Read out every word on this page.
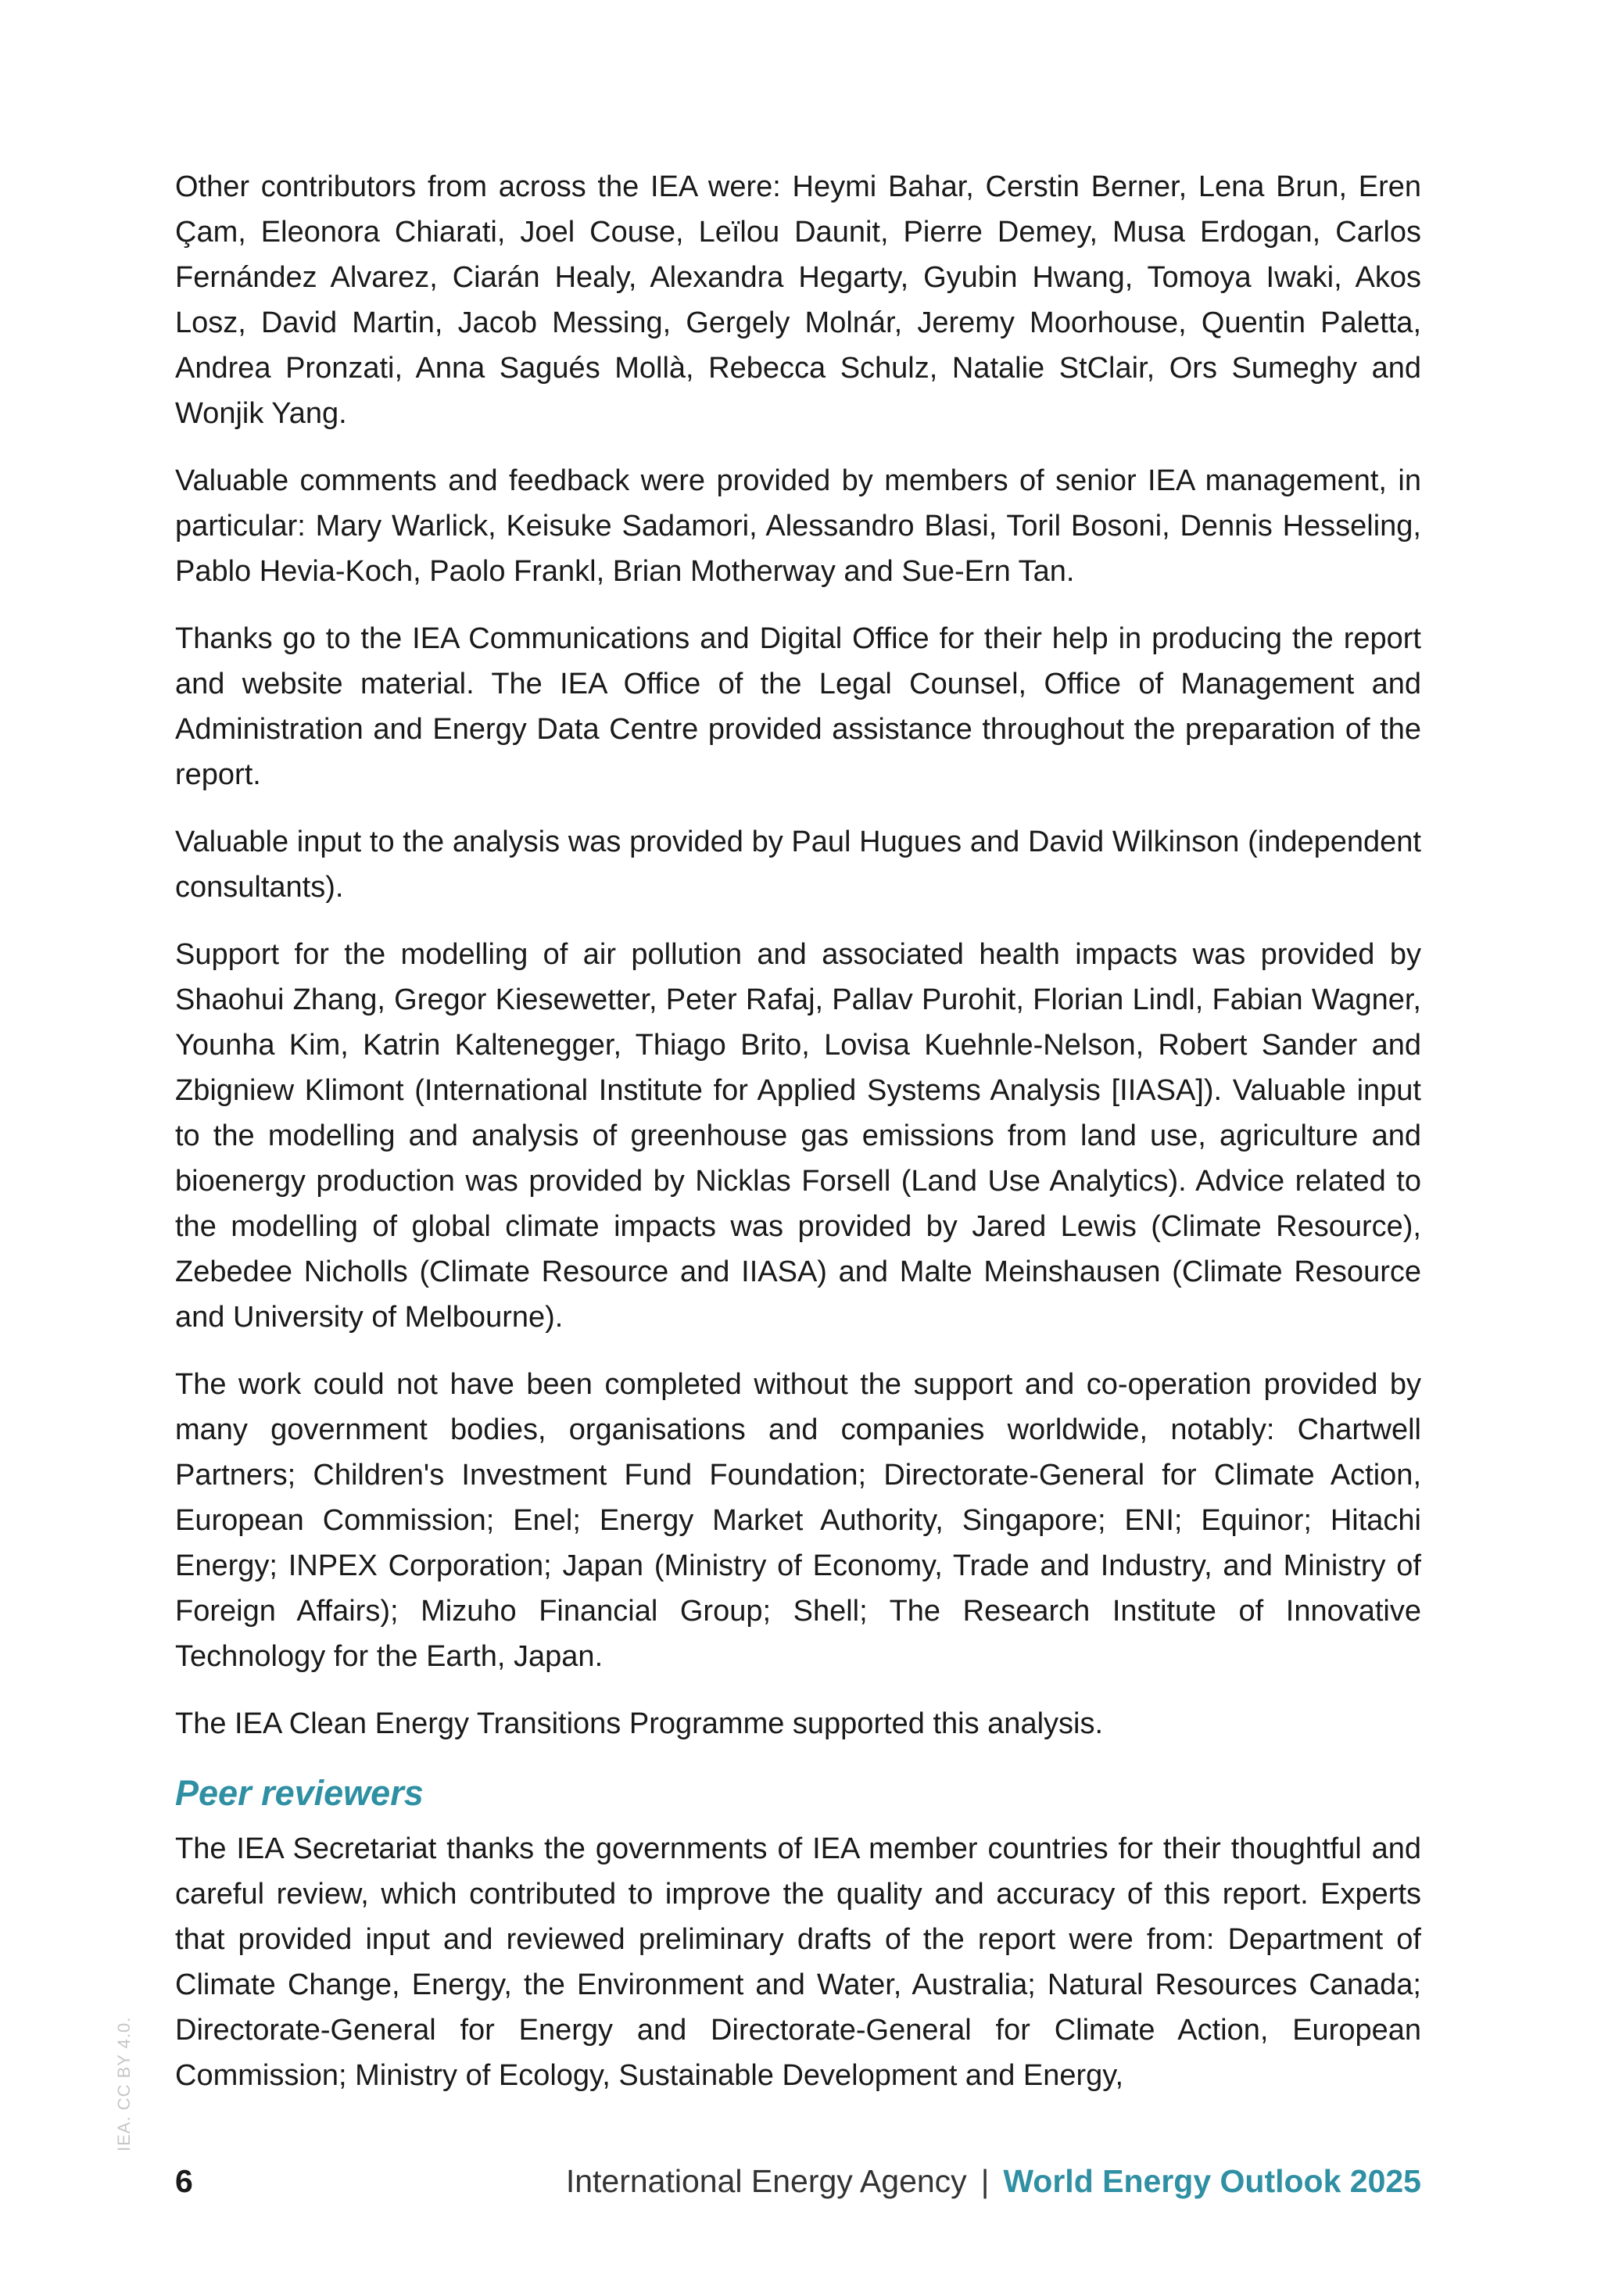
Other contributors from across the IEA were: Heymi Bahar, Cerstin Berner, Lena Brun, Eren Çam, Eleonora Chiarati, Joel Couse, Leïlou Daunit, Pierre Demey, Musa Erdogan, Carlos Fernández Alvarez, Ciarán Healy, Alexandra Hegarty, Gyubin Hwang, Tomoya Iwaki, Akos Losz, David Martin, Jacob Messing, Gergely Molnár, Jeremy Moorhouse, Quentin Paletta, Andrea Pronzati, Anna Sagués Mollà, Rebecca Schulz, Natalie StClair, Ors Sumeghy and Wonjik Yang.

Valuable comments and feedback were provided by members of senior IEA management, in particular: Mary Warlick, Keisuke Sadamori, Alessandro Blasi, Toril Bosoni, Dennis Hesseling, Pablo Hevia-Koch, Paolo Frankl, Brian Motherway and Sue-Ern Tan.

Thanks go to the IEA Communications and Digital Office for their help in producing the report and website material. The IEA Office of the Legal Counsel, Office of Management and Administration and Energy Data Centre provided assistance throughout the preparation of the report.

Valuable input to the analysis was provided by Paul Hugues and David Wilkinson (independent consultants).

Support for the modelling of air pollution and associated health impacts was provided by Shaohui Zhang, Gregor Kiesewetter, Peter Rafaj, Pallav Purohit, Florian Lindl, Fabian Wagner, Younha Kim, Katrin Kaltenegger, Thiago Brito, Lovisa Kuehnle-Nelson, Robert Sander and Zbigniew Klimont (International Institute for Applied Systems Analysis [IIASA]). Valuable input to the modelling and analysis of greenhouse gas emissions from land use, agriculture and bioenergy production was provided by Nicklas Forsell (Land Use Analytics). Advice related to the modelling of global climate impacts was provided by Jared Lewis (Climate Resource), Zebedee Nicholls (Climate Resource and IIASA) and Malte Meinshausen (Climate Resource and University of Melbourne).

The work could not have been completed without the support and co-operation provided by many government bodies, organisations and companies worldwide, notably: Chartwell Partners; Children's Investment Fund Foundation; Directorate-General for Climate Action, European Commission; Enel; Energy Market Authority, Singapore; ENI; Equinor; Hitachi Energy; INPEX Corporation; Japan (Ministry of Economy, Trade and Industry, and Ministry of Foreign Affairs); Mizuho Financial Group; Shell; The Research Institute of Innovative Technology for the Earth, Japan.

The IEA Clean Energy Transitions Programme supported this analysis.

Peer reviewers

The IEA Secretariat thanks the governments of IEA member countries for their thoughtful and careful review, which contributed to improve the quality and accuracy of this report. Experts that provided input and reviewed preliminary drafts of the report were from: Department of Climate Change, Energy, the Environment and Water, Australia; Natural Resources Canada; Directorate-General for Energy and Directorate-General for Climate Action, European Commission; Ministry of Ecology, Sustainable Development and Energy,

IEA. CC BY 4.0.
6	International Energy Agency | World Energy Outlook 2025
